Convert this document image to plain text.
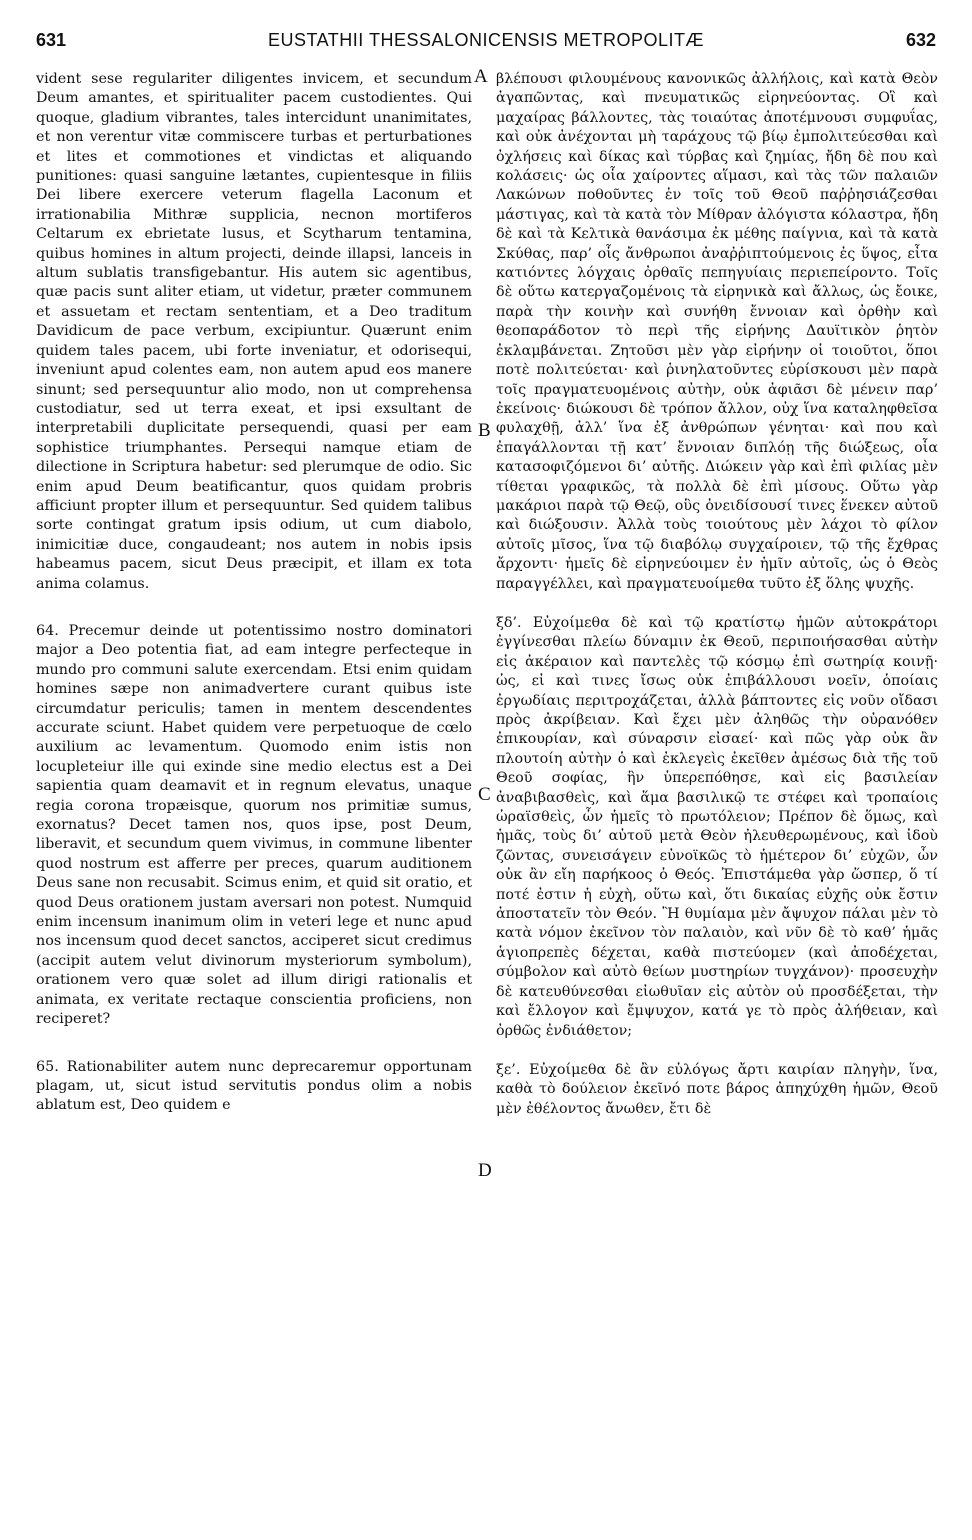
631	EUSTATHII THESSALONICENSIS METROPOLITÆ	632

vident sese regulariter diligentes invicem, et secundum Deum amantes, et spiritualiter pacem custodientes. Qui quoque, gladium vibrantes, tales intercidunt unanimitates, et non verentur vitæ commiscere turbas et perturbationes et lites et commotiones et vindictas et aliquando punitiones: quasi sanguine lætantes, cupientesque in filiis Dei libere exercere veterum flagella Laconum et irrationabilia Mithræ supplicia, necnon mortiferos Celtarum ex ebrietate lusus, et Scytharum tentamina, quibus homines in altum projecti, deinde illapsi, lanceis in altum sublatis transfigebantur. His autem sic agentibus, quæ pacis sunt aliter etiam, ut videtur, præter communem et assuetam et rectam sententiam, et a Deo traditum Davidicum de pace verbum, excipiuntur. Quærunt enim quidem tales pacem, ubi forte inveniatur, et odorisequi, inveniunt apud colentes eam, non autem apud eos manere sinunt; sed persequuntur alio modo, non ut comprehensa custodiatur, sed ut terra exeat, et ipsi exsultant de interpretabili duplicitate persequendi, quasi per eam sophistice triumphantes. Persequi namque etiam de dilectione in Scriptura habetur: sed plerumque de odio. Sic enim apud Deum beatificantur, quos quidam probris afficiunt propter illum et persequuntur. Sed quidem talibus sorte contingat gratum ipsis odium, ut cum diabolo, inimicitiæ duce, congaudeant; nos autem in nobis ipsis habeamus pacem, sicut Deus præcipit, et illam ex tota anima colamus.

64. Precemur deinde ut potentissimo nostro dominatori major a Deo potentia fiat, ad eam integre perfecteque in mundo pro communi salute exercendam. Etsi enim quidam homines sæpe non animadvertere curant quibus iste circumdatur periculis; tamen in mentem descendentes accurate sciunt. Habet quidem vere perpetuoque de cœlo auxilium ac levamentum. Quomodo enim istis non locupleteiur ille qui exinde sine medio electus est a Dei sapientia quam deamavit et in regnum elevatus, unaque regia corona tropæisque, quorum nos primitiæ sumus, exornatus? Decet tamen nos, quos ipse, post Deum, liberavit, et secundum quem vivimus, in commune libenter quod nostrum est afferre per preces, quarum auditionem Deus sane non recusabit. Scimus enim, et quid sit oratio, et quod Deus orationem justam aversari non potest. Numquid enim incensum inanimum olim in veteri lege et nunc apud nos incensum quod decet sanctos, acciperet sicut credimus (accipit autem velut divinorum mysteriorum symbolum), orationem vero quæ solet ad illum dirigi rationalis et animata, ex veritate rectaque conscientia proficiens, non reciperet?

65. Rationabiliter autem nunc deprecaremur opportunam plagam, ut, sicut istud servitutis pondus olim a nobis ablatum est, Deo quidem e

A
B
C
D

βλέπουσι φιλουμένους κανονικῶς ἀλλήλοις, καὶ κατὰ Θεὸν ἀγαπῶντας, καὶ πνευματικῶς εἰρηνεύοντας. Οἳ καὶ μαχαίρας βάλλοντες, τὰς τοιαύτας ἀποτέμνουσι συμφυΐας, καὶ οὐκ ἀνέχονται μὴ ταράχους τῷ βίῳ ἐμπολιτεύεσθαι καὶ ὀχλήσεις καὶ δίκας καὶ τύρβας καὶ ζημίας, ἤδη δὲ που καὶ κολάσεις· ὡς οἷα χαίροντες αἵμασι, καὶ τὰς τῶν παλαιῶν Λακώνων ποθοῦντες ἐν τοῖς τοῦ Θεοῦ παῤῥησιάζεσθαι μάστιγας, καὶ τὰ κατὰ τὸν Μίθραν ἀλόγιστα κόλαστρα, ἤδη δὲ καὶ τὰ Κελτικὰ θανάσιμα ἐκ μέθης παίγνια, καὶ τὰ κατὰ Σκύθας, παρ’ οἷς ἄνθρωποι ἀναῤῥιπτούμενοις ἐς ὕψος, εἶτα κατιόντες λόγχαις ὀρθαῖς πεπηγυίαις περιεπείροντο. Τοῖς δὲ οὕτω κατεργαζομένοις τὰ εἰρηνικὰ καὶ ἄλλως, ὡς ἔοικε, παρὰ τὴν κοινὴν καὶ συνήθη ἔννοιαν καὶ ὀρθὴν καὶ θεοπαράδοτον τὸ περὶ τῆς εἰρήνης Δαυϊτικὸν ῥητὸν ἐκλαμβάνεται. Ζητοῦσι μὲν γὰρ εἰρήνην οἱ τοιοῦτοι, ὅποι ποτὲ πολιτεύεται· καὶ ῥινηλατοῦντες εὑρίσκουσι μὲν παρὰ τοῖς πραγματευομένοις αὐτὴν, οὐκ ἀφιᾶσι δὲ μένειν παρ’ ἐκείνοις· διώκουσι δὲ τρόπον ἄλλον, οὐχ ἵνα καταληφθεῖσα φυλαχθῇ, ἀλλ’ ἵνα ἐξ ἀνθρώπων γένηται· καὶ που καὶ ἐπαγάλλονται τῇ κατ’ ἔννοιαν διπλόῃ τῆς διώξεως, οἷα κατασοφιζόμενοι δι’ αὐτῆς. Διώκειν γὰρ καὶ ἐπὶ φιλίας μὲν τίθεται γραφικῶς, τὰ πολλὰ δὲ ἐπὶ μίσους. Οὕτω γὰρ μακάριοι παρὰ τῷ Θεῷ, οὓς ὀνειδίσουσί τινες ἕνεκεν αὐτοῦ καὶ διώξουσιν. Ἀλλὰ τοὺς τοιούτους μὲν λάχοι τὸ φίλον αὐτοῖς μῖσος, ἵνα τῷ διαβόλῳ συγχαίροιεν, τῷ τῆς ἔχθρας ἄρχοντι· ἡμεῖς δὲ εἰρηνεύοιμεν ἐν ἡμῖν αὐτοῖς, ὡς ὁ Θεὸς παραγγέλλει, καὶ πραγματευοίμεθα τυῦτο ἐξ ὅλης ψυχῆς.

ξδ’. Εὐχοίμεθα δὲ καὶ τῷ κρατίστῳ ἡμῶν αὐτοκράτορι ἐγγίνεσθαι πλείω δύναμιν ἐκ Θεοῦ, περιποιήσασθαι αὐτὴν εἰς ἀκέραιον καὶ παντελὲς τῷ κόσμῳ ἐπὶ σωτηρίᾳ κοινῇ· ὡς, εἰ καὶ τινες ἴσως οὐκ ἐπιβάλλουσι νοεῖν, ὁποίαις ἐργωδίαις περιτροχάζεται, ἀλλὰ βάπτοντες εἰς νοῦν οἴδασι πρὸς ἀκρίβειαν. Καὶ ἔχει μὲν ἀληθῶς τὴν οὐρανόθεν ἐπικουρίαν, καὶ σύναρσιν εἰσαεί· καὶ πῶς γὰρ οὐκ ἂν πλουτοίη αὐτὴν ὁ καὶ ἐκλεγεὶς ἐκεῖθεν ἀμέσως διὰ τῆς τοῦ Θεοῦ σοφίας, ἣν ὑπερεπόθησε, καὶ εἰς βασιλείαν ἀναβιβασθεὶς, καὶ ἅμα βασιλικῷ τε στέφει καὶ τροπαίοις ὡραϊσθεὶς, ὧν ἡμεῖς τὸ πρωτόλειον; Πρέπον δὲ ὅμως, καὶ ἡμᾶς, τοὺς δι’ αὐτοῦ μετὰ Θεὸν ἠλευθερωμένους, καὶ ἰδοὺ ζῶντας, συνεισάγειν εὐνοϊκῶς τὸ ἡμέτερον δι’ εὐχῶν, ὧν οὐκ ἂν εἴη παρήκοος ὁ Θεός. Ἐπιστάμεθα γὰρ ὥσπερ, ὅ τί ποτέ ἐστιν ἡ εὐχὴ, οὕτω καὶ, ὅτι δικαίας εὐχῆς οὐκ ἔστιν ἀποστατεῖν τὸν Θεόν. Ἢ θυμίαμα μὲν ἄψυχον πάλαι μὲν τὸ κατὰ νόμον ἐκεῖνον τὸν παλαιὸν, καὶ νῦν δὲ τὸ καθ’ ἡμᾶς ἁγιοπρεπὲς δέχεται, καθὰ πιστεύομεν (καὶ ἀποδέχεται, σύμβολον καὶ αὐτὸ θείων μυστηρίων τυγχάνον)· προσευχὴν δὲ κατευθύνεσθαι εἰωθυῖαν εἰς αὐτὸν οὐ προσδέξεται, τὴν καὶ ἔλλογον καὶ ἔμψυχον, κατά γε τὸ πρὸς ἀλήθειαν, καὶ ὀρθῶς ἐνδιάθετον;

ξε’. Εὐχοίμεθα δὲ ἂν εὐλόγως ἄρτι καιρίαν πληγὴν, ἵνα, καθὰ τὸ δούλειον ἐκεῖνό ποτε βάρος ἀπηχύχθη ἡμῶν, Θεοῦ μὲν ἐθέλοντος ἄνωθεν, ἔτι δὲ
